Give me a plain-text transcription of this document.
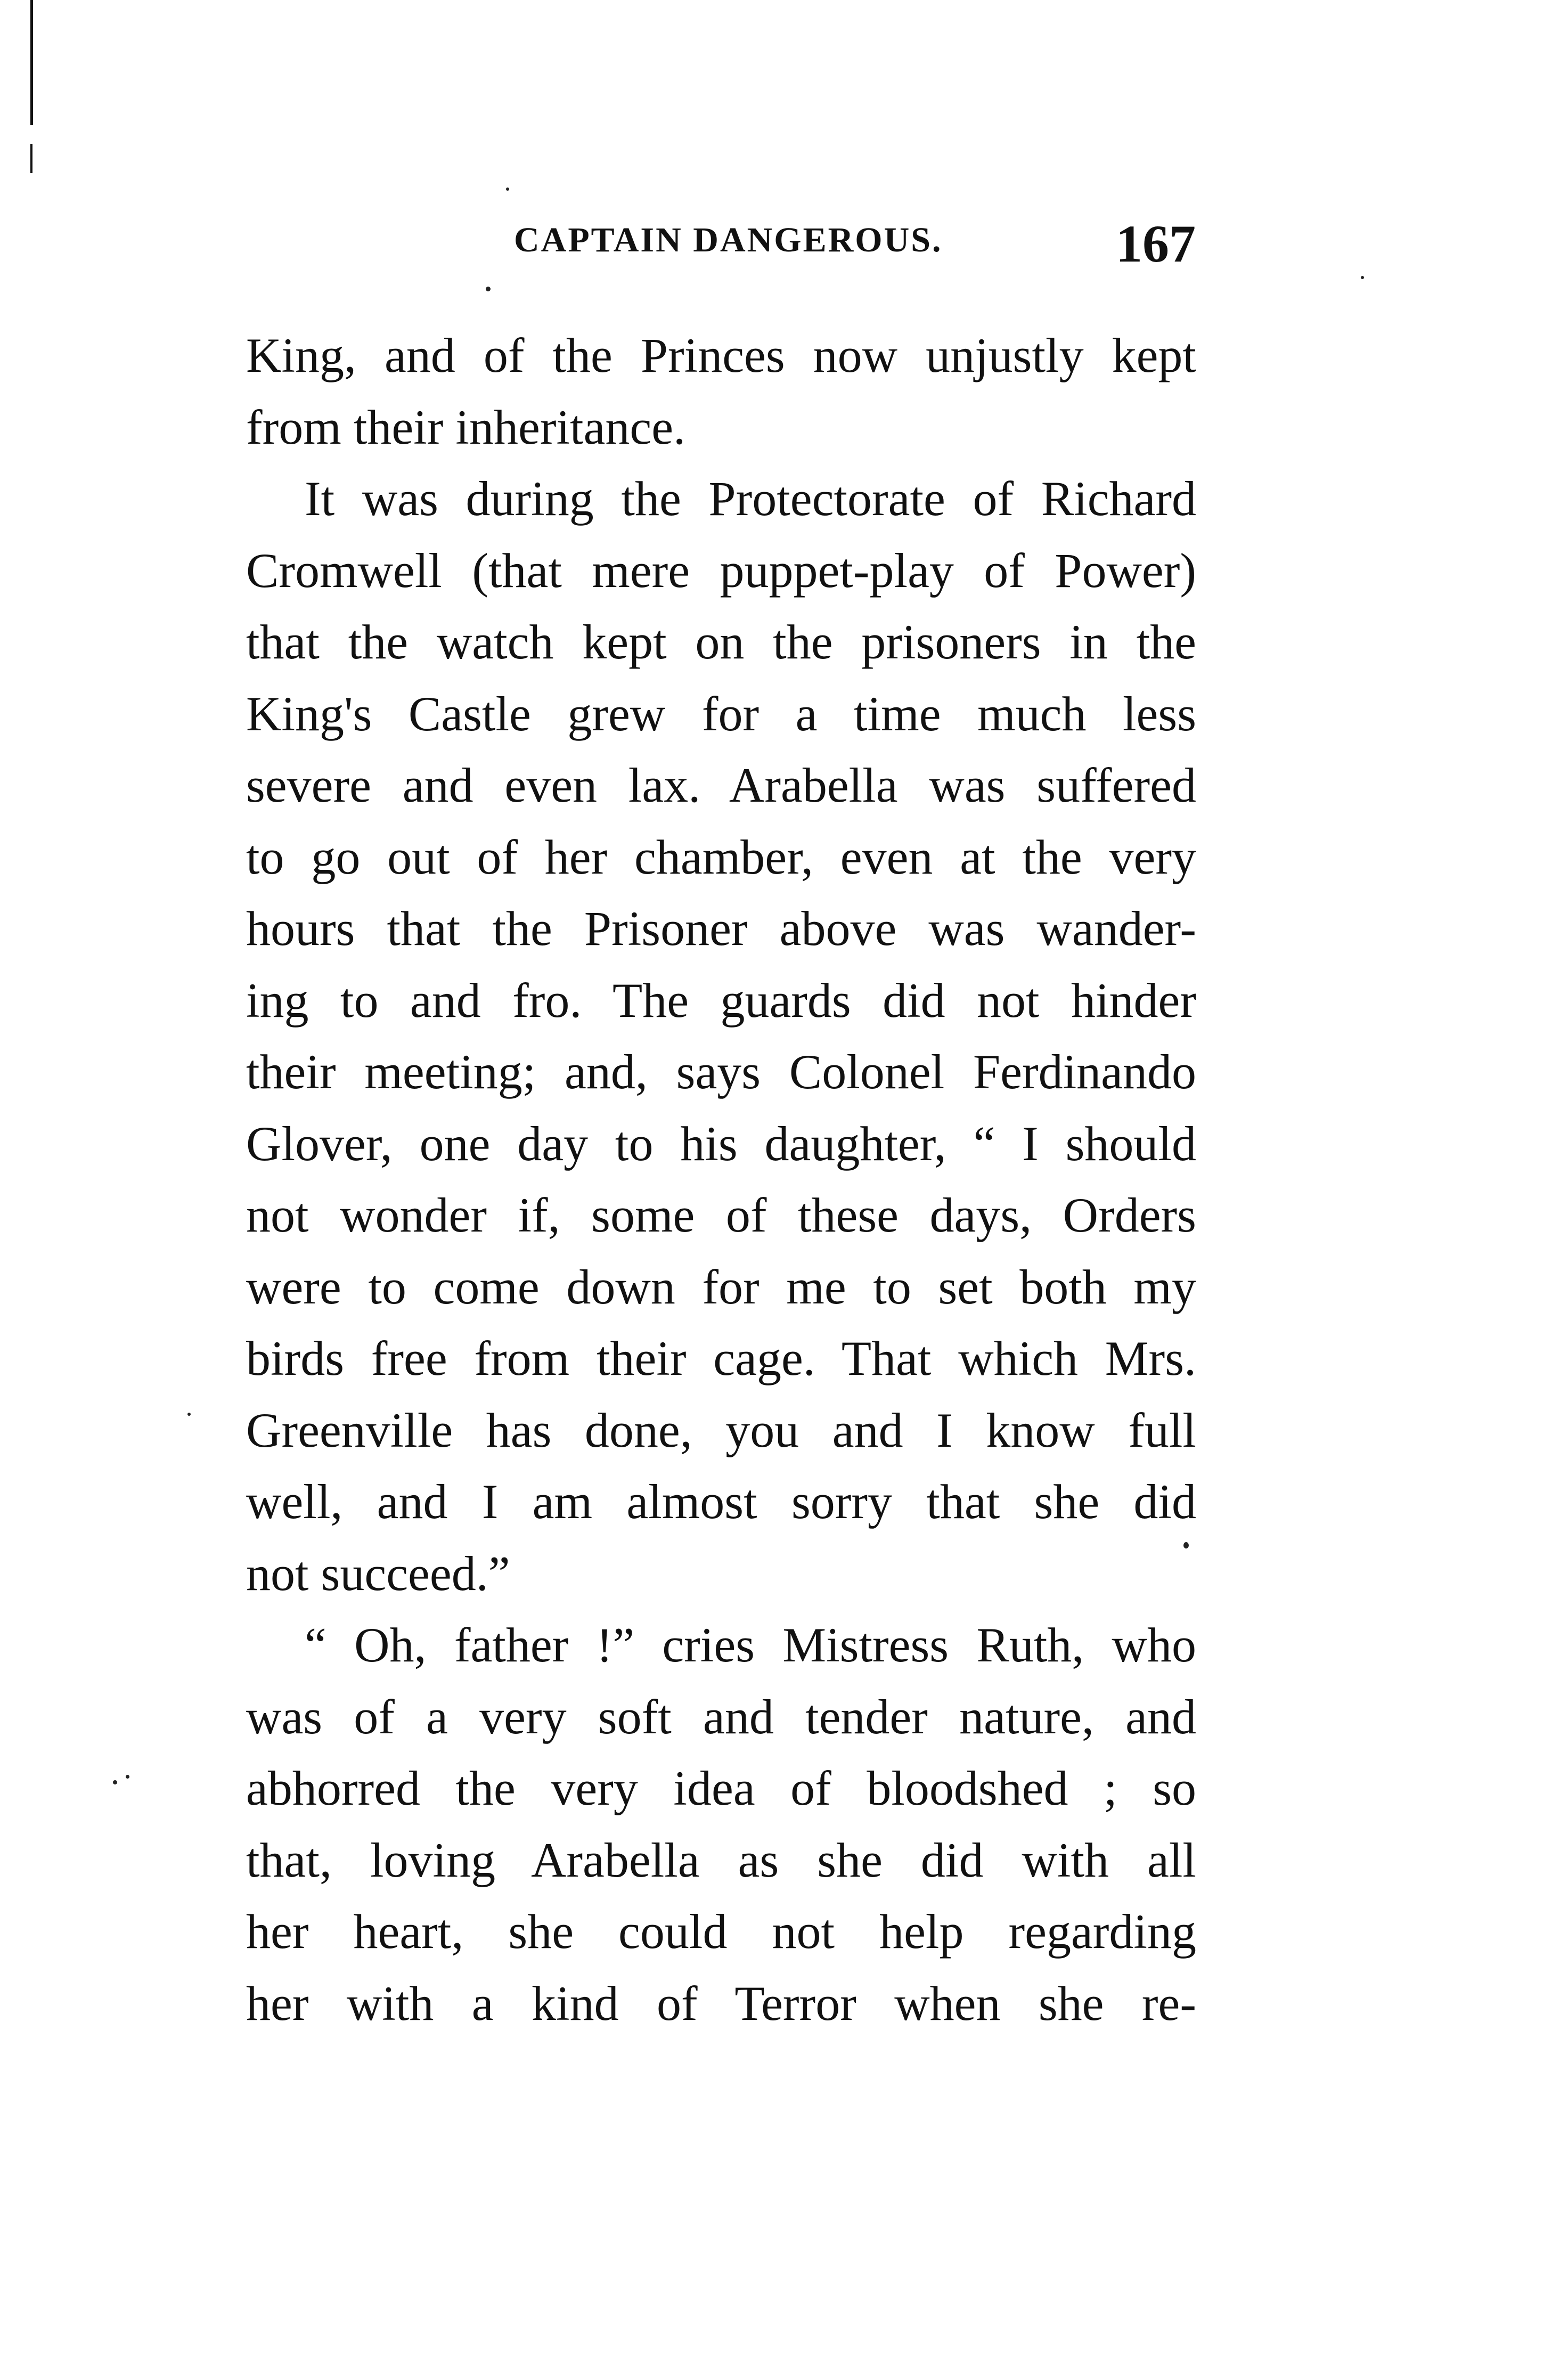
CAPTAIN DANGEROUS.	167
King, and of the Princes now unjustly kept
from their inheritance.
It was during the Protectorate of Richard
Cromwell (that mere puppet-play of Power)
that the watch kept on the prisoners in the
King's Castle grew for a time much less
severe and even lax. Arabella was suffered
to go out of her chamber, even at the very
hours that the Prisoner above was wander-
ing to and fro. The guards did not hinder
their meeting; and, says Colonel Ferdinando
Glover, one day to his daughter, “ I should
not wonder if, some of these days, Orders
were to come down for me to set both my
birds free from their cage. That which Mrs.
Greenville has done, you and I know full
well, and I am almost sorry that she did
not succeed.”
“ Oh, father !” cries Mistress Ruth, who
was of a very soft and tender nature, and
abhorred the very idea of bloodshed ; so
that, loving Arabella as she did with all
her heart, she could not help regarding
her with a kind of Terror when she re-
